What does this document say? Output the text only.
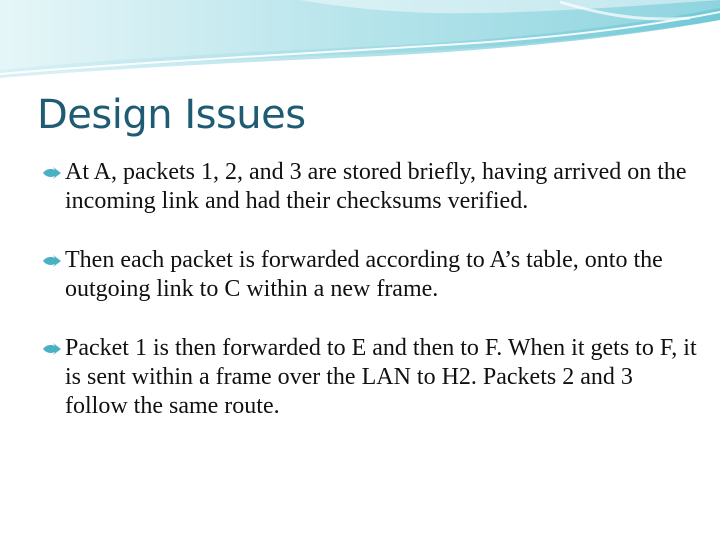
Design Issues
At A, packets 1, 2, and 3 are stored briefly, having arrived on the incoming link and had their checksums verified.
Then each packet is forwarded according to A’s table, onto the outgoing link to C within a new frame.
Packet 1 is then forwarded to E and then to F. When it gets to F, it is sent within a frame over the LAN to H2. Packets 2 and 3 follow the same route.
